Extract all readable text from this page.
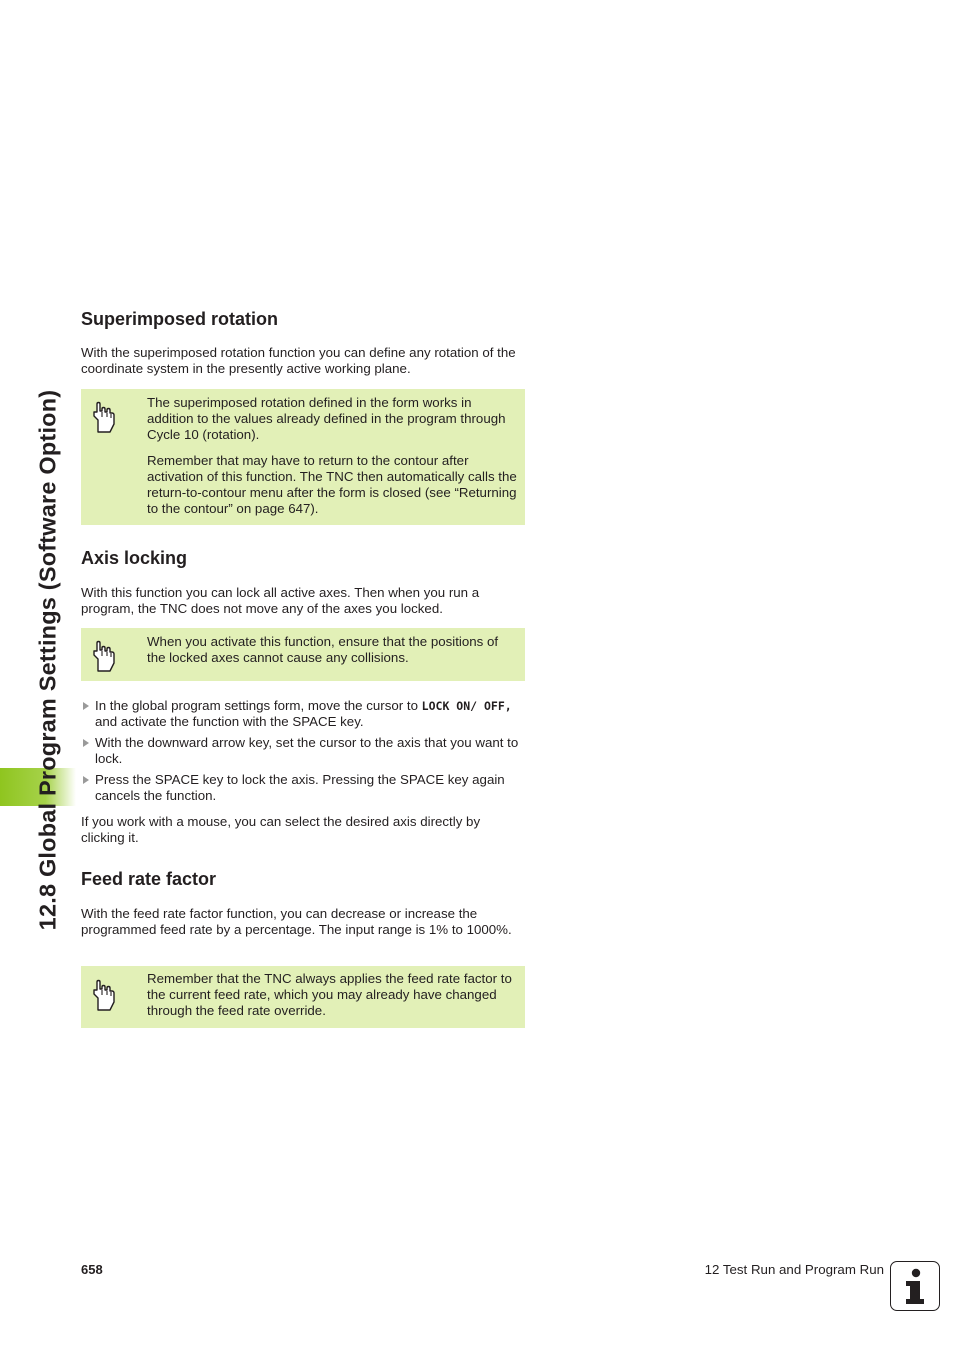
12.8 Global Program Settings (Software Option)
Superimposed rotation

With the superimposed rotation function you can define any rotation of the coordinate system in the presently active working plane.

The superimposed rotation defined in the form works in addition to the values already defined in the program through Cycle 10 (rotation).

Remember that may have to return to the contour after activation of this function. The TNC then automatically calls the return-to-contour menu after the form is closed (see “Returning to the contour” on page 647).

Axis locking

With this function you can lock all active axes. Then when you run a program, the TNC does not move any of the axes you locked.

When you activate this function, ensure that the positions of the locked axes cannot cause any collisions.

In the global program settings form, move the cursor to LOCK ON/ OFF, and activate the function with the SPACE key.
With the downward arrow key, set the cursor to the axis that you want to lock.
Press the SPACE key to lock the axis. Pressing the SPACE key again cancels the function.

If you work with a mouse, you can select the desired axis directly by clicking it.

Feed rate factor

With the feed rate factor function, you can decrease or increase the programmed feed rate by a percentage. The input range is 1% to 1000%.

Remember that the TNC always applies the feed rate factor to the current feed rate, which you may already have changed through the feed rate override.

658	12 Test Run and Program Run
